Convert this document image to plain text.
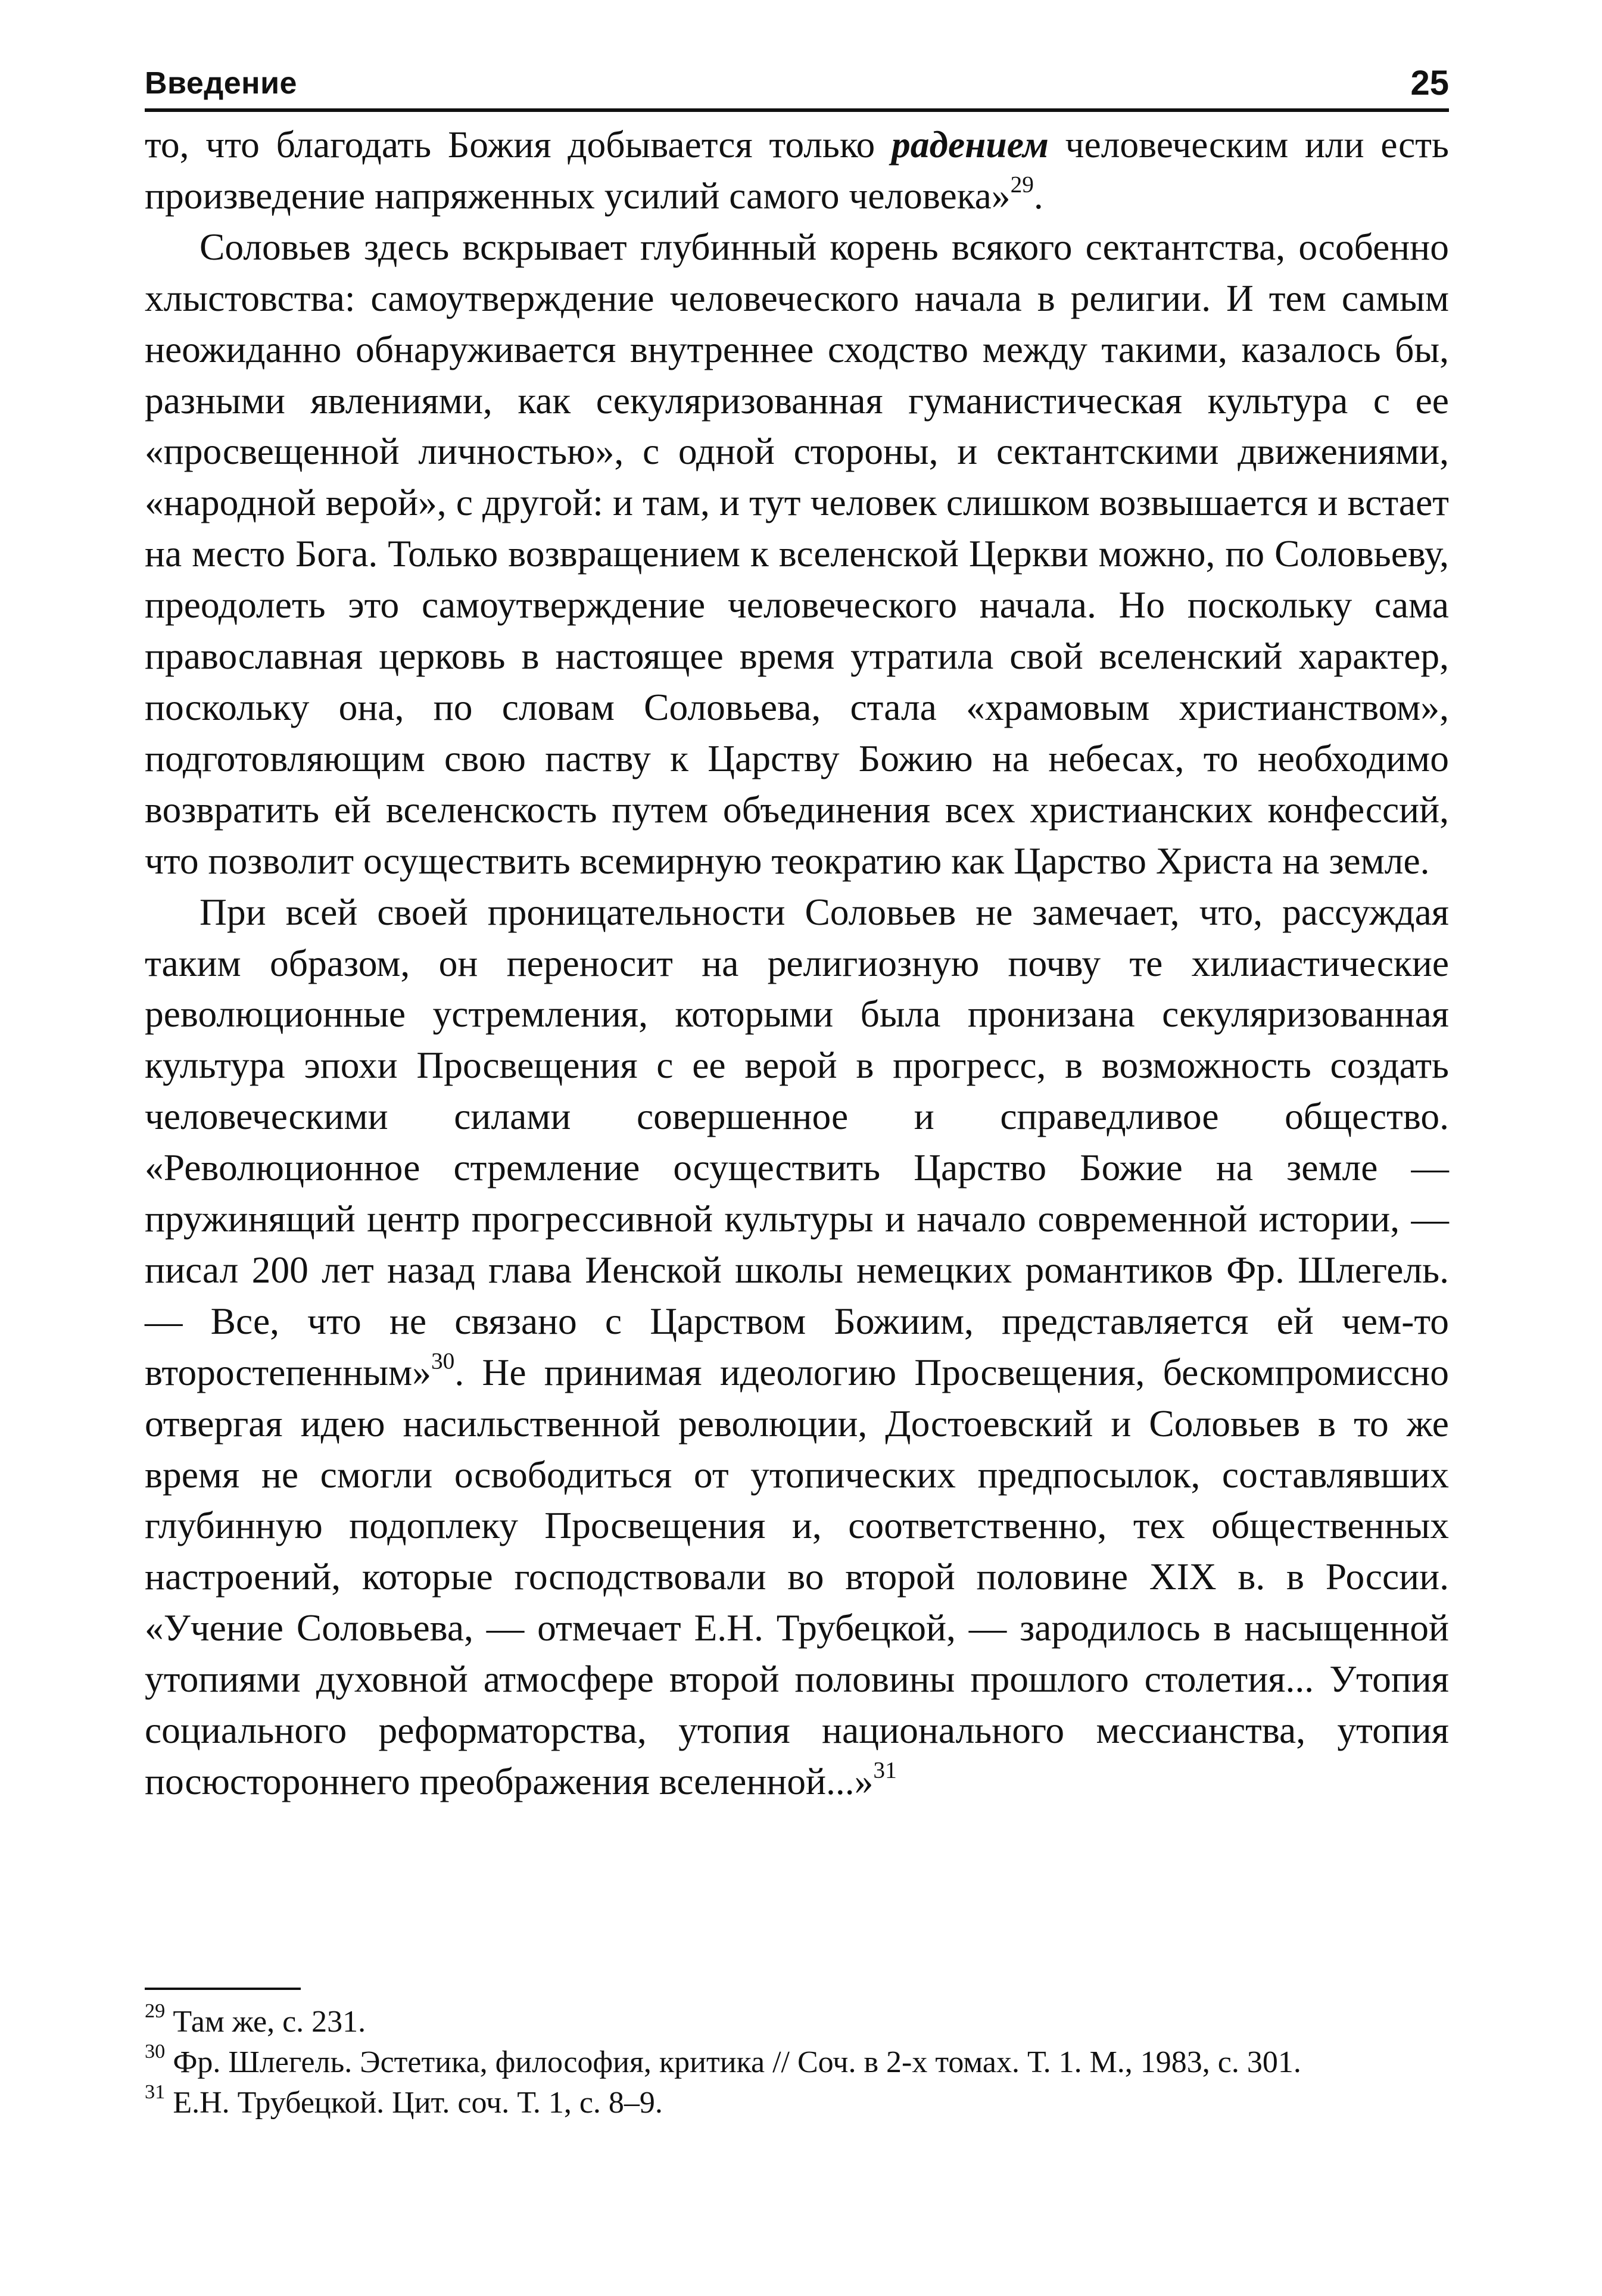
Введение	25

то, что благодать Божия добывается только радением человеческим или есть произведение напряженных усилий самого человека»$^{29}$.

Соловьев здесь вскрывает глубинный корень всякого сектантства, особенно хлыстовства: самоутверждение человеческого начала в религии. И тем самым неожиданно обнаруживается внутреннее сходство между такими, казалось бы, разными явлениями, как секуляризованная гуманистическая культура с ее «просвещенной личностью», с одной стороны, и сектантскими движениями, «народной верой», с другой: и там, и тут человек слишком возвышается и встает на место Бога. Только возвращением к вселенской Церкви можно, по Соловьеву, преодолеть это самоутверждение человеческого начала. Но поскольку сама православная церковь в настоящее время утратила свой вселенский характер, поскольку она, по словам Соловьева, стала «храмовым христианством», подготовляющим свою паству к Царству Божию на небесах, то необходимо возвратить ей вселенскость путем объединения всех христианских конфессий, что позволит осуществить всемирную теократию как Царство Христа на земле.

При всей своей проницательности Соловьев не замечает, что, рассуждая таким образом, он переносит на религиозную почву те хилиастические революционные устремления, которыми была пронизана секуляризованная культура эпохи Просвещения с ее верой в прогресс, в возможность создать человеческими силами совершенное и справедливое общество. «Революционное стремление осуществить Царство Божие на земле — пружинящий центр прогрессивной культуры и начало современной истории, — писал 200 лет назад глава Иенской школы немецких романтиков Фр. Шлегель. — Все, что не связано с Царством Божиим, представляется ей чем-то второстепенным»$^{30}$. Не принимая идеологию Просвещения, бескомпромиссно отвергая идею насильственной революции, Достоевский и Соловьев в то же время не смогли освободиться от утопических предпосылок, составлявших глубинную подоплеку Просвещения и, соответственно, тех общественных настроений, которые господствовали во второй половине XIX в. в России. «Учение Соловьева, — отмечает Е.Н. Трубецкой, — зародилось в насыщенной утопиями духовной атмосфере второй половины прошлого столетия... Утопия социального реформаторства, утопия национального мессианства, утопия посюстороннего преображения вселенной...»$^{31}$

$^{29}$ Там же, с. 231.

$^{30}$ Фр. Шлегель. Эстетика, философия, критика // Соч. в 2-х томах. Т. 1. М., 1983, с. 301.

$^{31}$ Е.Н. Трубецкой. Цит. соч. Т. 1, с. 8–9.
